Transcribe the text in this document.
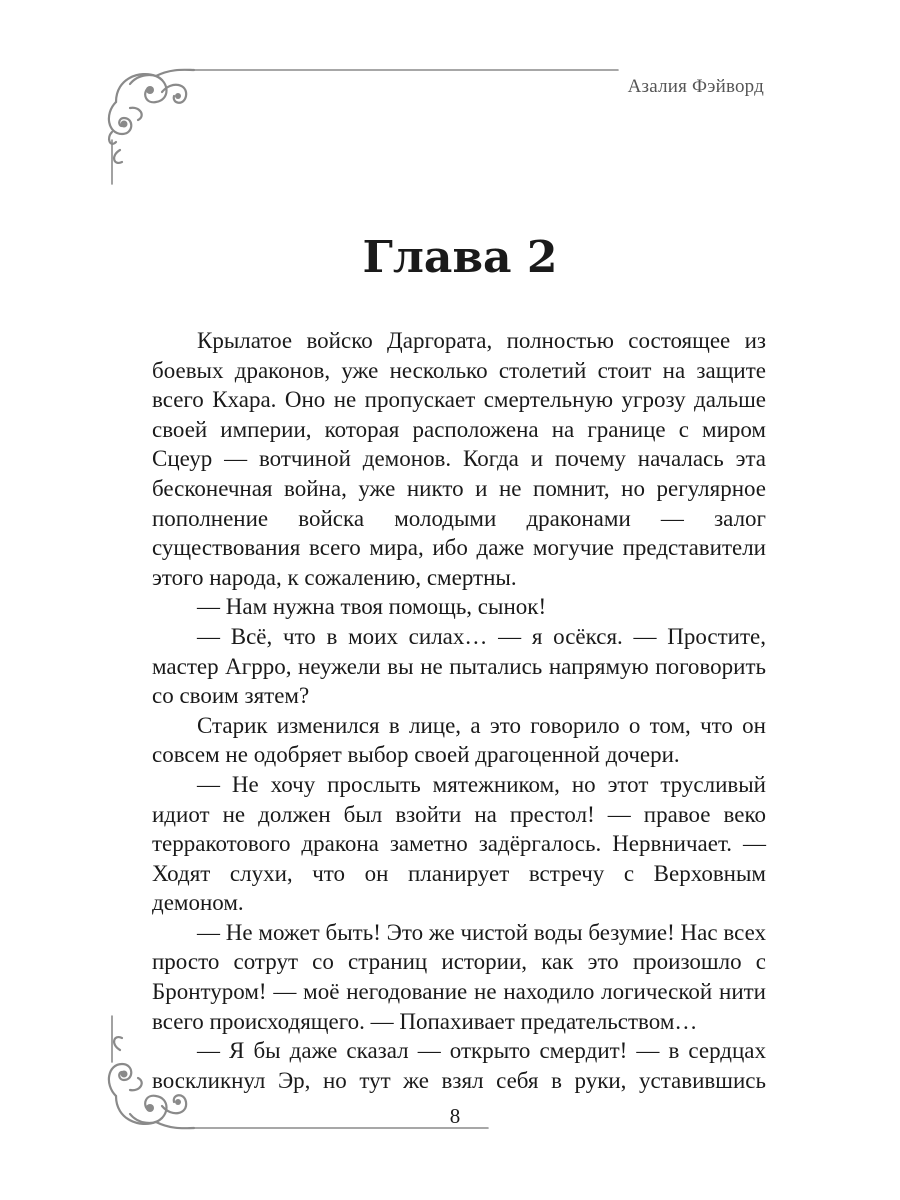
Азалия Фэйворд
Глава 2

Крылатое войско Даргората, полностью состоящее из боевых драконов, уже несколько столетий стоит на защите всего Кхара. Оно не пропускает смертельную угрозу дальше своей империи, которая расположена на границе с миром Сцеур — вотчиной демонов. Когда и почему началась эта бесконечная война, уже никто и не помнит, но регулярное пополнение войска молодыми драконами — залог существования всего мира, ибо даже могучие представители этого народа, к сожалению, смертны.

— Нам нужна твоя помощь, сынок!

— Всё, что в моих силах… — я осёкся. — Простите, мастер Агрро, неужели вы не пытались напрямую поговорить со своим зятем?

Старик изменился в лице, а это говорило о том, что он совсем не одобряет выбор своей драгоценной дочери.

— Не хочу прослыть мятежником, но этот трусливый идиот не должен был взойти на престол! — правое веко терракотового дракона заметно задёргалось. Нервничает. — Ходят слухи, что он планирует встречу с Верховным демоном.

— Не может быть! Это же чистой воды безумие! Нас всех просто сотрут со страниц истории, как это произошло с Бронтуром! — моё негодование не находило логической нити всего происходящего. — Попахивает предательством…

— Я бы даже сказал — открыто смердит! — в сердцах воскликнул Эр, но тут же взял себя в руки, уставившись

8
